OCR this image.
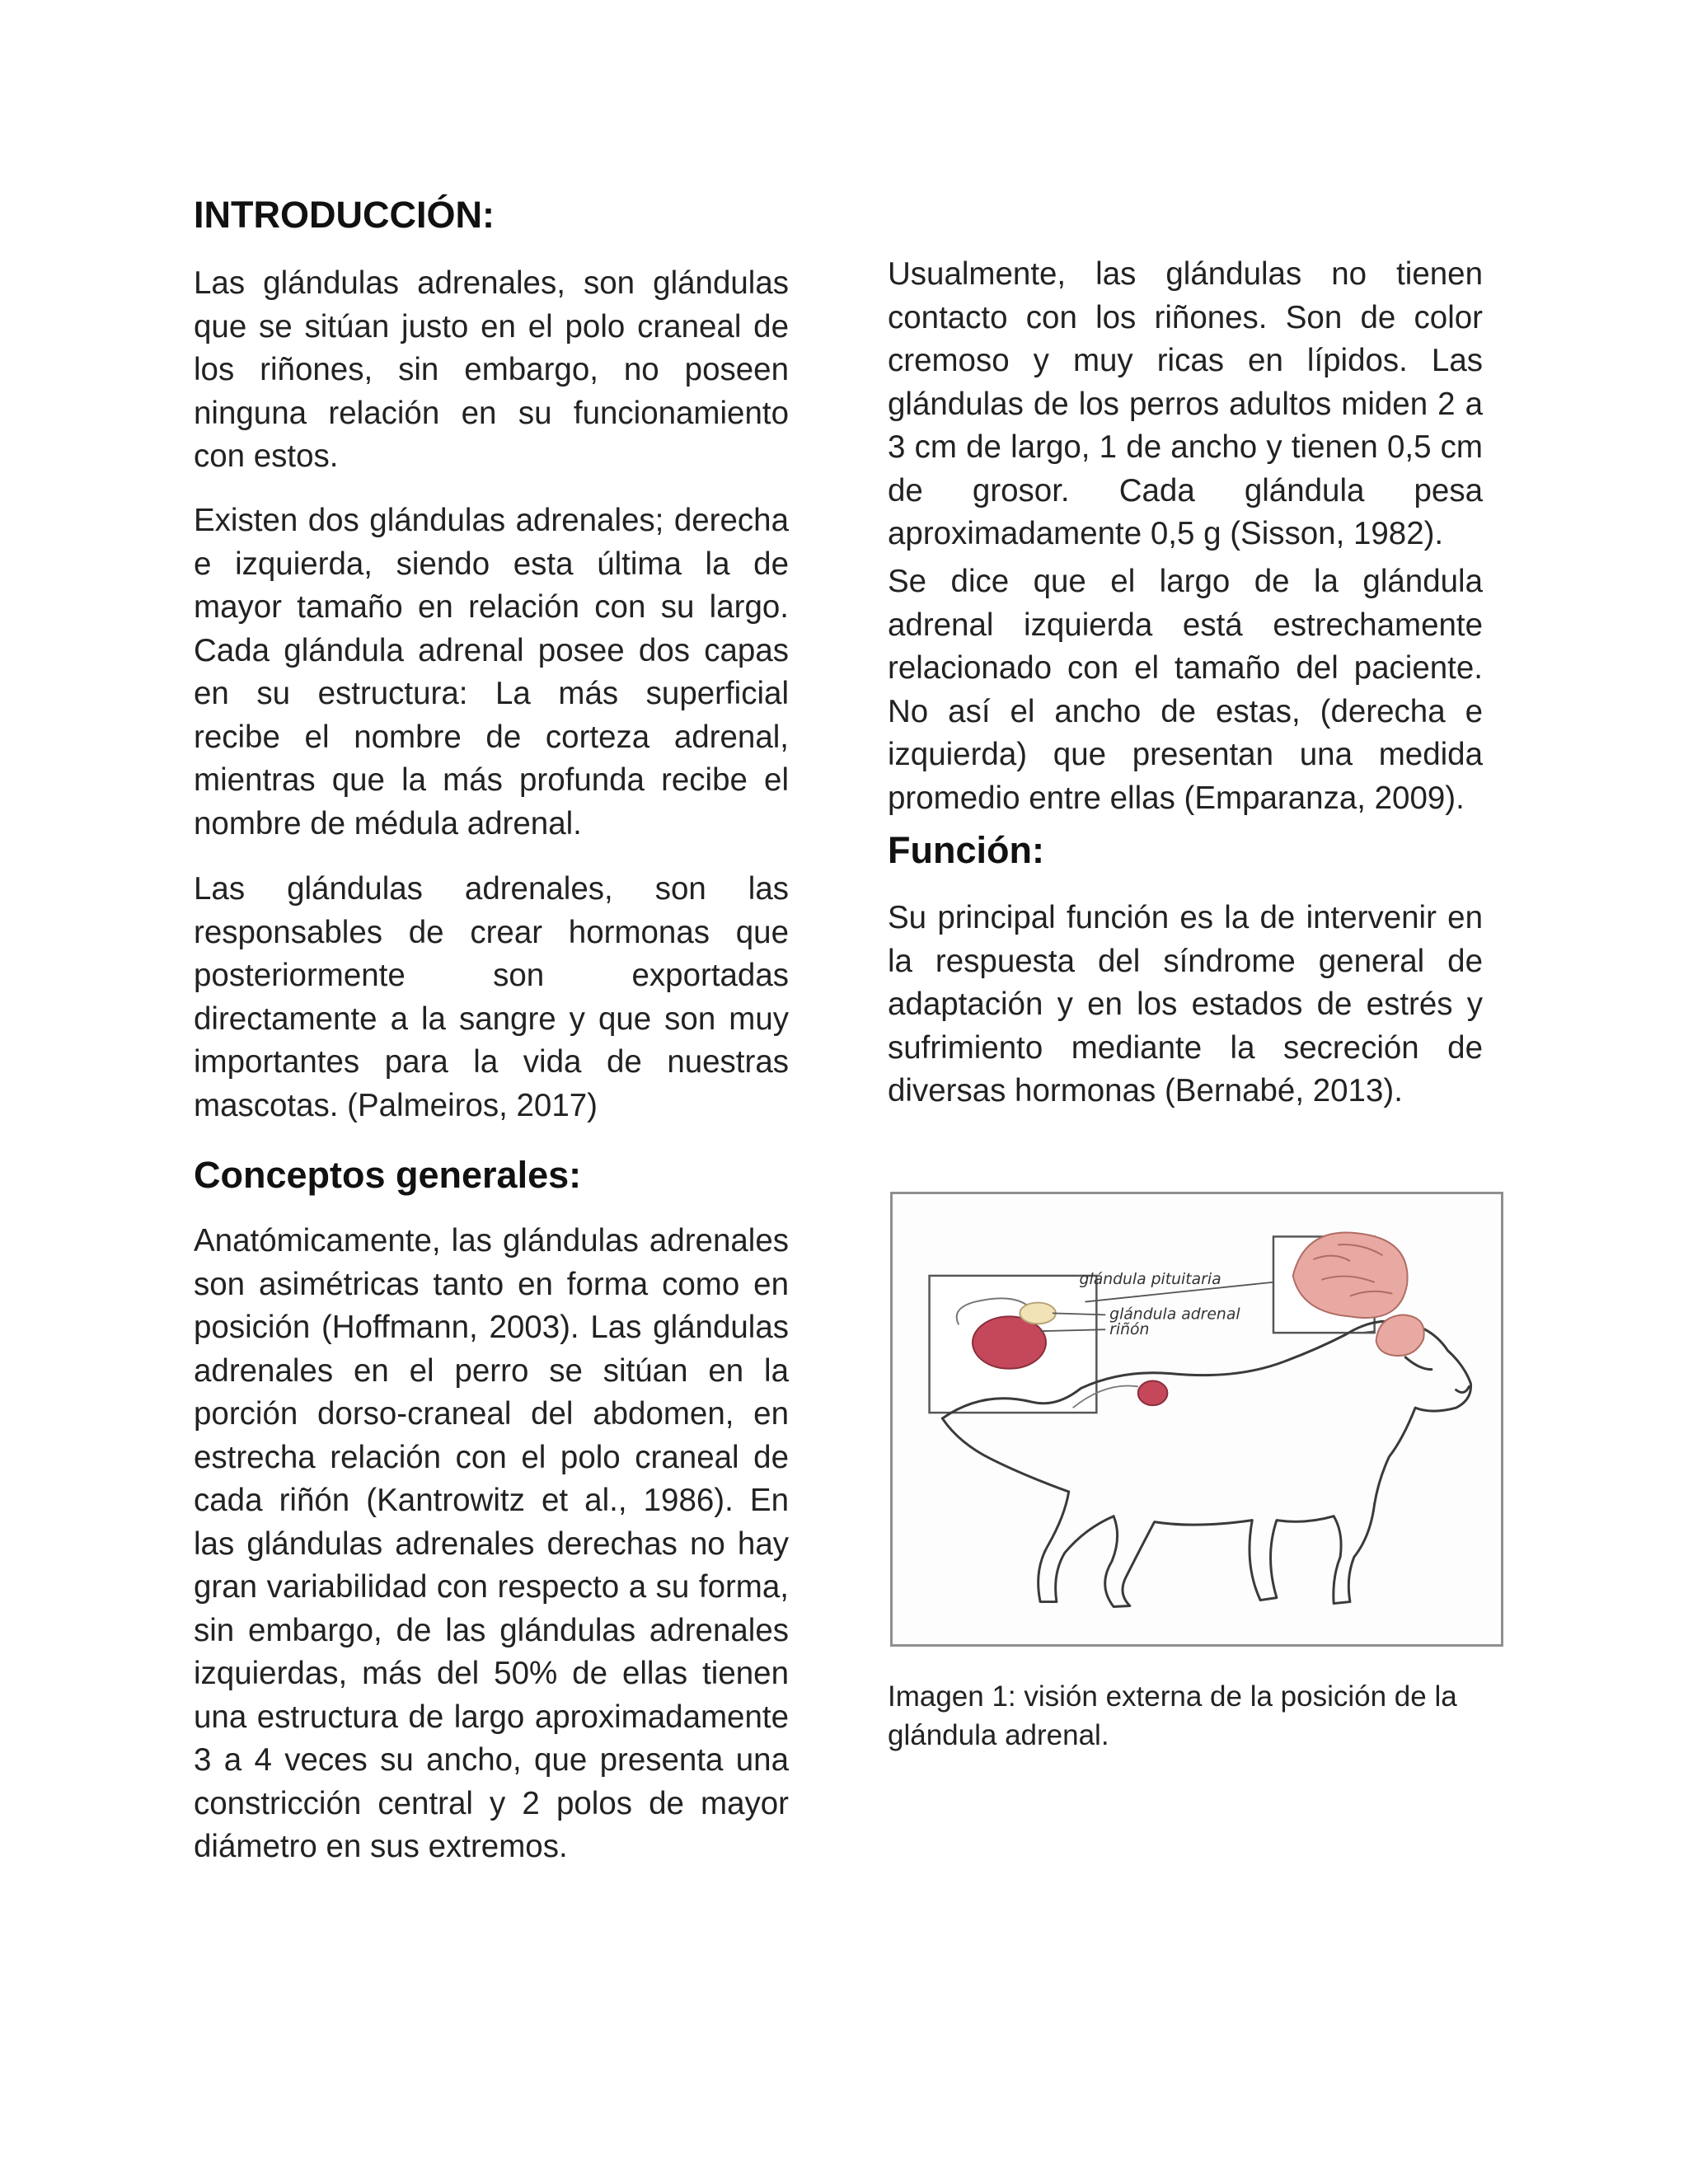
INTRODUCCIÓN:

Las glándulas adrenales, son glándulas que se sitúan justo en el polo craneal de los riñones, sin embargo, no poseen ninguna relación en su funcionamiento con estos.

Existen dos glándulas adrenales; derecha e izquierda, siendo esta última la de mayor tamaño en relación con su largo. Cada glándula adrenal posee dos capas en su estructura: La más superficial recibe el nombre de corteza adrenal, mientras que la más profunda recibe el nombre de médula adrenal.

Las glándulas adrenales, son las responsables de crear hormonas que posteriormente son exportadas directamente a la sangre y que son muy importantes para la vida de nuestras mascotas. (Palmeiros, 2017)

Conceptos generales:

Anatómicamente, las glándulas adrenales son asimétricas tanto en forma como en posición (Hoffmann, 2003). Las glándulas adrenales en el perro se sitúan en la porción dorso-craneal del abdomen, en estrecha relación con el polo craneal de cada riñón (Kantrowitz et al., 1986). En las glándulas adrenales derechas no hay gran variabilidad con respecto a su forma, sin embargo, de las glándulas adrenales izquierdas, más del 50% de ellas tienen una estructura de largo aproximadamente 3 a 4 veces su ancho, que presenta una constricción central y 2 polos de mayor diámetro en sus extremos.

Usualmente, las glándulas no tienen contacto con los riñones. Son de color cremoso y muy ricas en lípidos. Las glándulas de los perros adultos miden 2 a 3 cm de largo, 1 de ancho y tienen 0,5 cm de grosor. Cada glándula pesa aproximadamente 0,5 g (Sisson, 1982).

Se dice que el largo de la glándula adrenal izquierda está estrechamente relacionado con el tamaño del paciente. No así el ancho de estas, (derecha e izquierda) que presentan una medida promedio entre ellas (Emparanza, 2009).

Función:

Su principal función es la de intervenir en la respuesta del síndrome general de adaptación y en los estados de estrés y sufrimiento mediante la secreción de diversas hormonas (Bernabé, 2013).

glándula pituitaria
glándula adrenal
riñón

Imagen 1: visión externa de la posición de la glándula adrenal.
